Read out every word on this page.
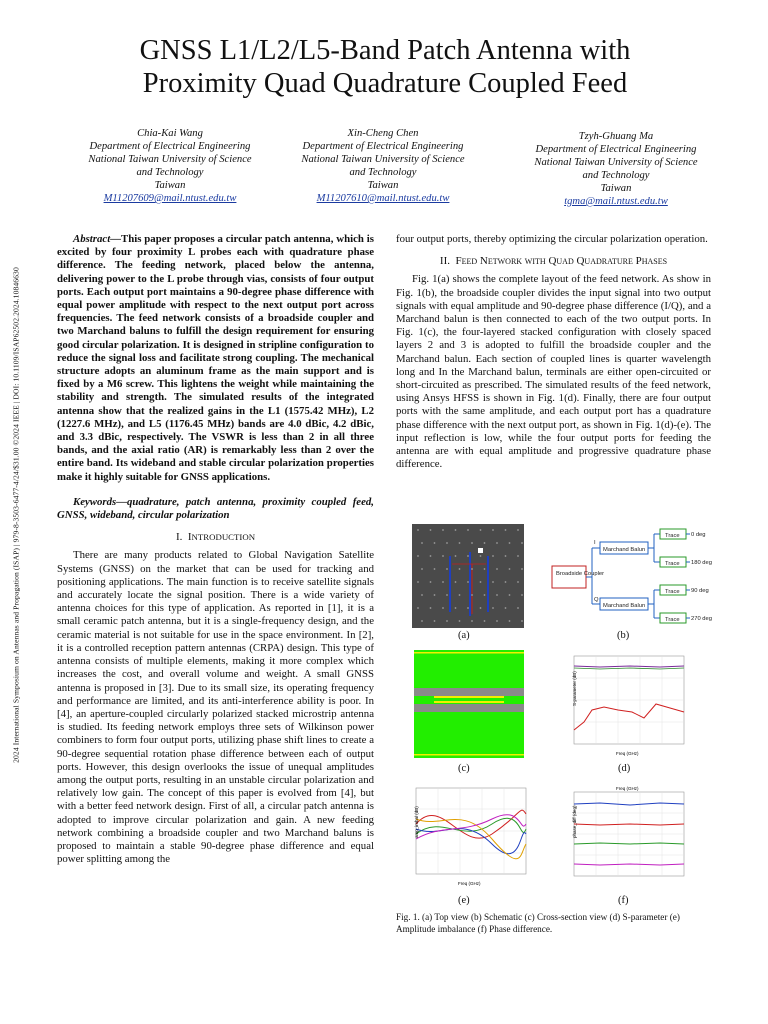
2024 International Symposium on Antennas and Propagation (ISAP) | 979-8-3503-6477-4/24/$31.00 ©2024 IEEE | DOI: 10.1109/ISAP62502.2024.10846630
GNSS L1/L2/L5-Band Patch Antenna with
Proximity Quad Quadrature Coupled Feed
Chia-Kai Wang
Department of Electrical Engineering
National Taiwan University of Science
and Technology
Taiwan
M11207609@mail.ntust.edu.tw
Xin-Cheng Chen
Department of Electrical Engineering
National Taiwan University of Science
and Technology
Taiwan
M11207610@mail.ntust.edu.tw
Tzyh-Ghuang Ma
Department of Electrical Engineering
National Taiwan University of Science
and Technology
Taiwan
tgma@mail.ntust.edu.tw

Abstract—This paper proposes a circular patch antenna, which is excited by four proximity L probes each with quadrature phase difference. The feeding network, placed below the antenna, delivering power to the L probe through vias, consists of four output ports. Each output port maintains a 90-degree phase difference with equal power amplitude with respect to the next output port across frequencies. The feed network consists of a broadside coupler and two Marchand baluns to fulfill the design requirement for ensuring good circular polarization. It is designed in stripline configuration to reduce the signal loss and facilitate strong coupling. The mechanical structure adopts an aluminum frame as the main support and is fixed by a M6 screw. This lightens the weight while maintaining the stability and strength. The simulated results of the integrated antenna show that the realized gains in the L1 (1575.42 MHz), L2 (1227.6 MHz), and L5 (1176.45 MHz) bands are 4.0 dBic, 4.2 dBic, and 3.3 dBic, respectively. The VSWR is less than 2 in all three bands, and the axial ratio (AR) is remarkably less than 2 over the entire band. Its wideband and stable circular polarization properties make it highly suitable for GNSS applications.

Keywords—quadrature, patch antenna, proximity coupled feed, GNSS, wideband, circular polarization

I. INTRODUCTION

There are many products related to Global Navigation Satellite Systems (GNSS) on the market that can be used for tracking and positioning applications. The main function is to receive satellite signals and accurately locate the signal position. There is a wide variety of antenna choices for this type of application. As reported in [1], it is a small ceramic patch antenna, but it is a single-frequency design, and the ceramic material is not suitable for use in the space environment. In [2], it is a controlled reception pattern antennas (CRPA) design. This type of antenna consists of multiple elements, making it more complex which increases the cost, and overall volume and weight. A small GNSS antenna is proposed in [3]. Due to its small size, its operating frequency and performance are limited, and its anti-interference ability is poor. In [4], an aperture-coupled circularly polarized stacked microstrip antenna is studied. Its feeding network employs three sets of Wilkinson power combiners to form four output ports, utilizing phase shift lines to create a 90-degree sequential rotation phase difference between each of output ports. However, this design overlooks the issue of unequal amplitudes among the output ports, resulting in an unstable circular polarization and relatively low gain. The concept of this paper is evolved from [4], but with a better feed network design. First of all, a circular patch antenna is adopted to improve circular polarization and gain. A new feeding network combining a broadside coupler and two Marchand baluns is proposed to maintain a stable 90-degree phase difference and equal power splitting among the

four output ports, thereby optimizing the circular polarization operation.

II. Feed Network with Quad Quadrature Phases

Fig. 1(a) shows the complete layout of the feed network. As show in Fig. 1(b), the broadside coupler divides the input signal into two output signals with equal amplitude and 90-degree phase difference (I/Q), and a Marchand balun is then connected to each of the two output ports. In Fig. 1(c), the four-layered stacked configuration with closely spaced layers 2 and 3 is adopted to fulfill the broadside coupler and the Marchand balun. Each section of coupled lines is quarter wavelength long and In the Marchand balun, terminals are either open-circuited or short-circuited as prescribed. The simulated results of the feed network, using Ansys HFSS is shown in Fig. 1(d). Finally, there are four output ports with the same amplitude, and each output port has a quadrature phase difference with the next output port, as shown in Fig. 1(d)-(e). The input reflection is low, while the four output ports for feeding the antenna are with equal amplitude and progressive quadrature phase difference.

(a)
Broadside Coupler
I
Q
Marchand Balun
Marchand Balun
Trace
Trace
Trace
Trace
0 deg
180 deg
90 deg
270 deg
(b)
(c)
S-parameter (dB)
Freq (GHz)
(d)
amp_imbal (dB)
Freq (GHz)
(e)
Freq (GHz)
phase_diff (deg)
(f)
Fig. 1. (a) Top view (b) Schematic (c) Cross-section view (d) S-parameter (e) Amplitude imbalance (f) Phase difference.
